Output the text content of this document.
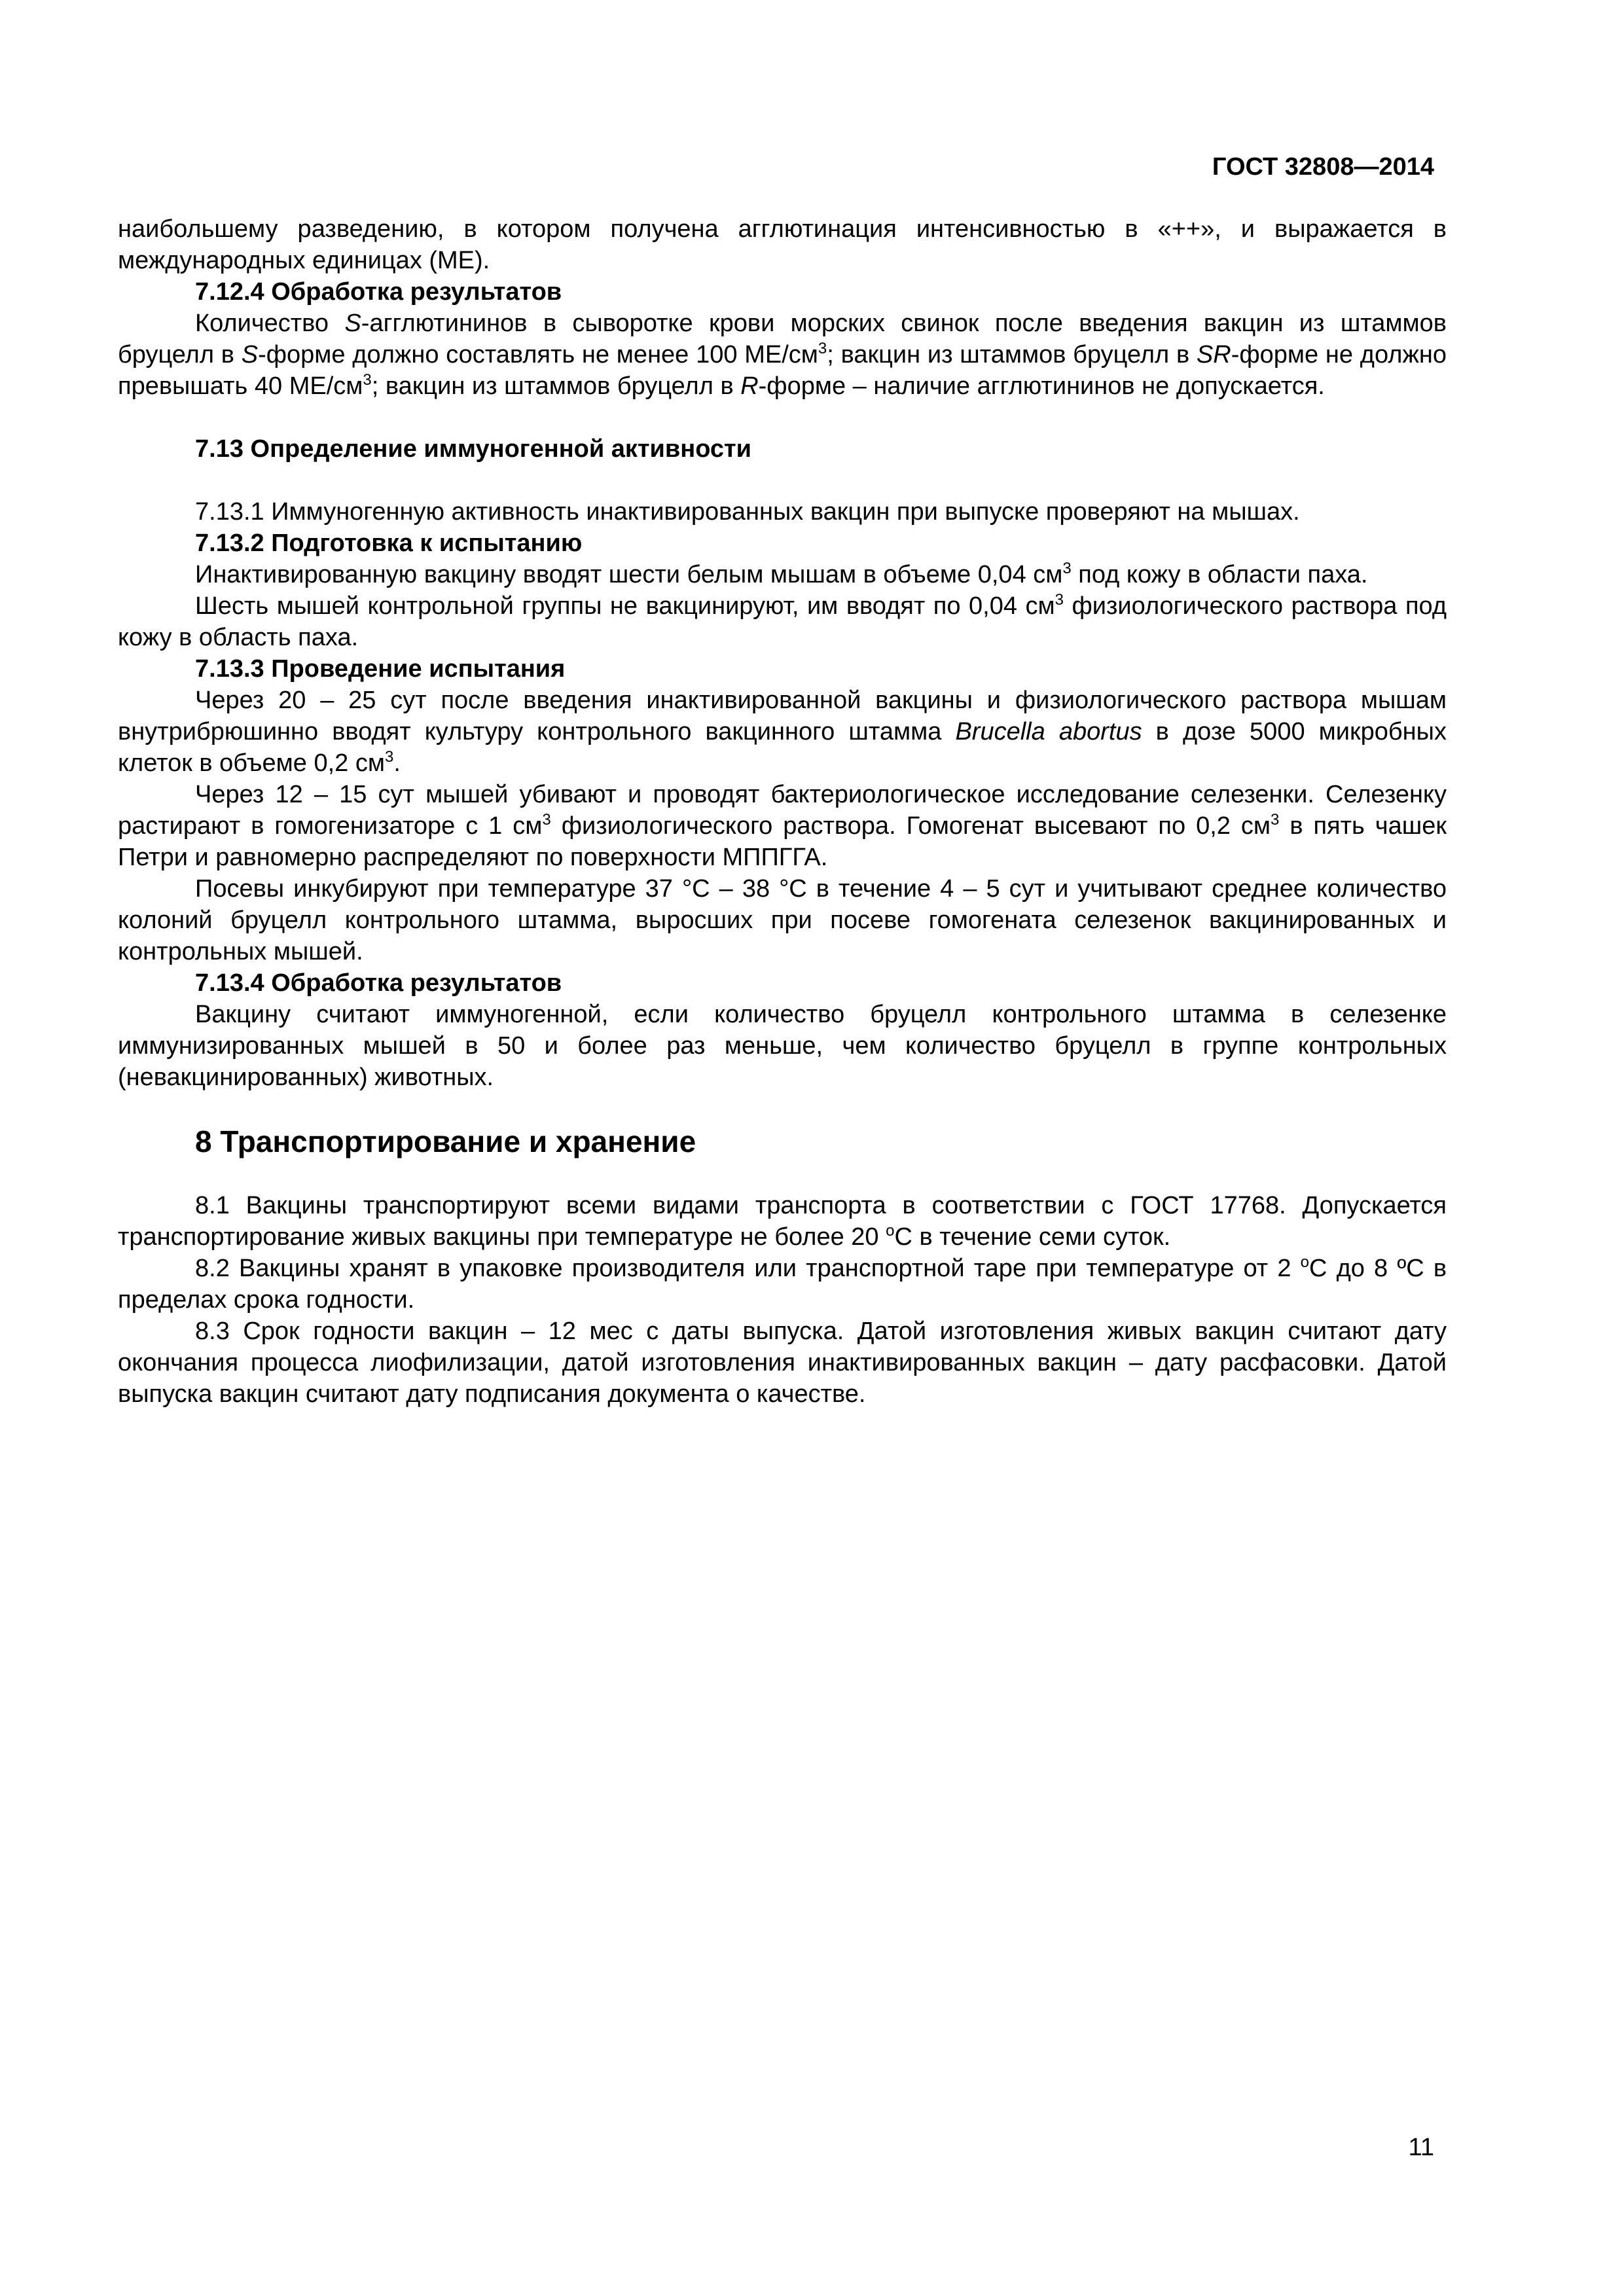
ГОСТ 32808—2014

наибольшему разведению, в котором получена агглютинация интенсивностью в «++», и выражается в международных единицах (МЕ).

7.12.4 Обработка результатов

Количество S-агглютининов в сыворотке крови морских свинок после введения вакцин из штаммов бруцелл в S-форме должно составлять не менее 100 $МЕ/см^3$; вакцин из штаммов бруцелл в SR-форме не должно превышать 40 $МЕ/см^3$; вакцин из штаммов бруцелл в R-форме – наличие агглютининов не допускается.

7.13 Определение иммуногенной активности

7.13.1 Иммуногенную активность инактивированных вакцин при выпуске проверяют на мышах.

7.13.2 Подготовка к испытанию

Инактивированную вакцину вводят шести белым мышам в объеме 0,04 $см^3$ под кожу в области паха.

Шесть мышей контрольной группы не вакцинируют, им вводят по 0,04 $см^3$ физиологического раствора под кожу в область паха.

7.13.3 Проведение испытания

Через 20 – 25 сут после введения инактивированной вакцины и физиологического раствора мышам внутрибрюшинно вводят культуру контрольного вакцинного штамма Brucella abortus в дозе 5000 микробных клеток в объеме 0,2 $см^3$.

Через 12 – 15 сут мышей убивают и проводят бактериологическое исследование селезенки. Селезенку растирают в гомогенизаторе с 1 $см^3$ физиологического раствора. Гомогенат высевают по 0,2 $см^3$ в пять чашек Петри и равномерно распределяют по поверхности МППГГА.

Посевы инкубируют при температуре 37 °С – 38 °С в течение 4 – 5 сут и учитывают среднее количество колоний бруцелл контрольного штамма, выросших при посеве гомогената селезенок вакцинированных и контрольных мышей.

7.13.4 Обработка результатов

Вакцину считают иммуногенной, если количество бруцелл контрольного штамма в селезенке иммунизированных мышей в 50 и более раз меньше, чем количество бруцелл в группе контрольных (невакцинированных) животных.

8 Транспортирование и хранение

8.1 Вакцины транспортируют всеми видами транспорта в соответствии с ГОСТ 17768. Допускается транспортирование живых вакцины при температуре не более 20 $^о$С в течение семи суток.

8.2 Вакцины хранят в упаковке производителя или транспортной таре при температуре от 2 $^о$С до 8 ºС в пределах срока годности.

8.3 Срок годности вакцин – 12 мес с даты выпуска. Датой изготовления живых вакцин считают дату окончания процесса лиофилизации, датой изготовления инактивированных вакцин – дату расфасовки. Датой выпуска вакцин считают дату подписания документа о качестве.

11
